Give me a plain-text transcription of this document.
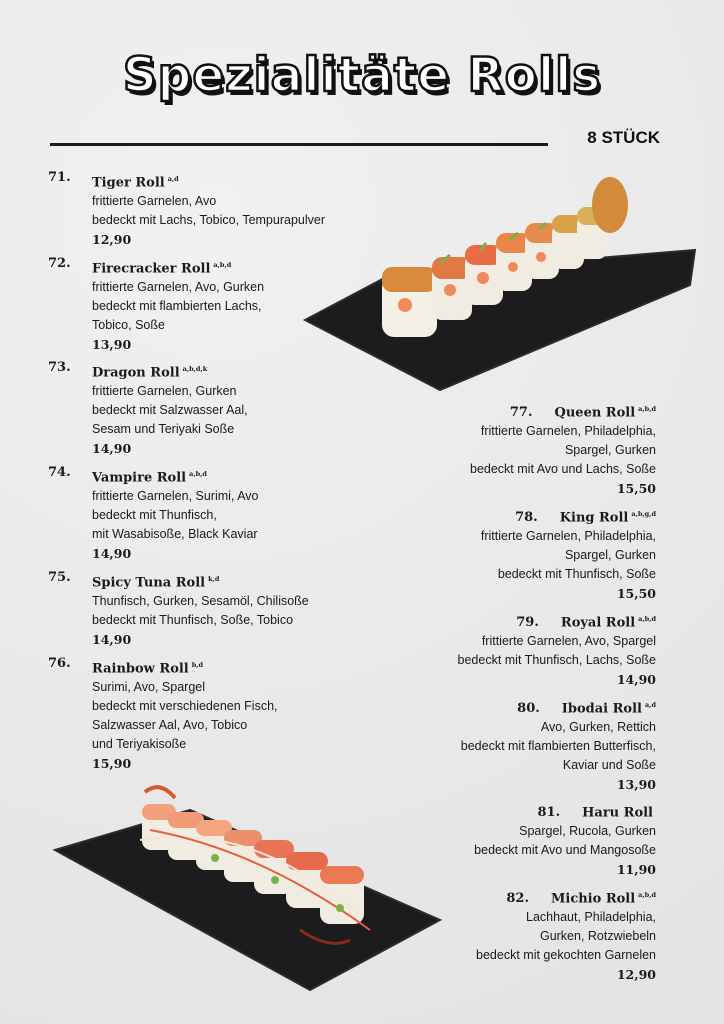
Spezialitäte Rolls
8 STÜCK
71. Tiger Roll $^{a,d}$
frittierte Garnelen, Avo
bedeckt mit Lachs, Tobico, Tempurapulver
12,90
72. Firecracker Roll $^{a,b,d}$
frittierte Garnelen, Avo, Gurken
bedeckt mit flambierten Lachs,
Tobico, Soße
13,90
73. Dragon Roll $^{a,b,d,k}$
frittierte Garnelen, Gurken
bedeckt mit Salzwasser Aal,
Sesam und Teriyaki Soße
14,90
74. Vampire Roll $^{a,b,d}$
frittierte Garnelen, Surimi, Avo
bedeckt mit Thunfisch,
mit Wasabisoße, Black Kaviar
14,90
75. Spicy Tuna Roll $^{k,d}$
Thunfisch, Gurken, Sesamöl, Chilisoße
bedeckt mit Thunfisch, Soße, Tobico
14,90
76. Rainbow Roll $^{b,d}$
Surimi, Avo, Spargel
bedeckt mit verschiedenen Fisch,
Salzwasser Aal, Avo, Tobico
und Teriyakisoße
15,90
77. Queen Roll $^{a,b,d}$
frittierte Garnelen, Philadelphia,
Spargel, Gurken
bedeckt mit Avo und Lachs, Soße
15,50
78. King Roll $^{a,b,g,d}$
frittierte Garnelen, Philadelphia,
Spargel, Gurken
bedeckt mit Thunfisch, Soße
15,50
79. Royal Roll $^{a,b,d}$
frittierte Garnelen, Avo, Spargel
bedeckt mit Thunfisch, Lachs, Soße
14,90
80. Ibodai Roll $^{a,d}$
Avo, Gurken, Rettich
bedeckt mit flambierten Butterfisch,
Kaviar und Soße
13,90
81. Haru Roll
Spargel, Rucola, Gurken
bedeckt mit Avo und Mangosoße
11,90
82. Michio Roll $^{a,b,d}$
Lachhaut, Philadelphia,
Gurken, Rotzwiebeln
bedeckt mit gekochten Garnelen
12,90
